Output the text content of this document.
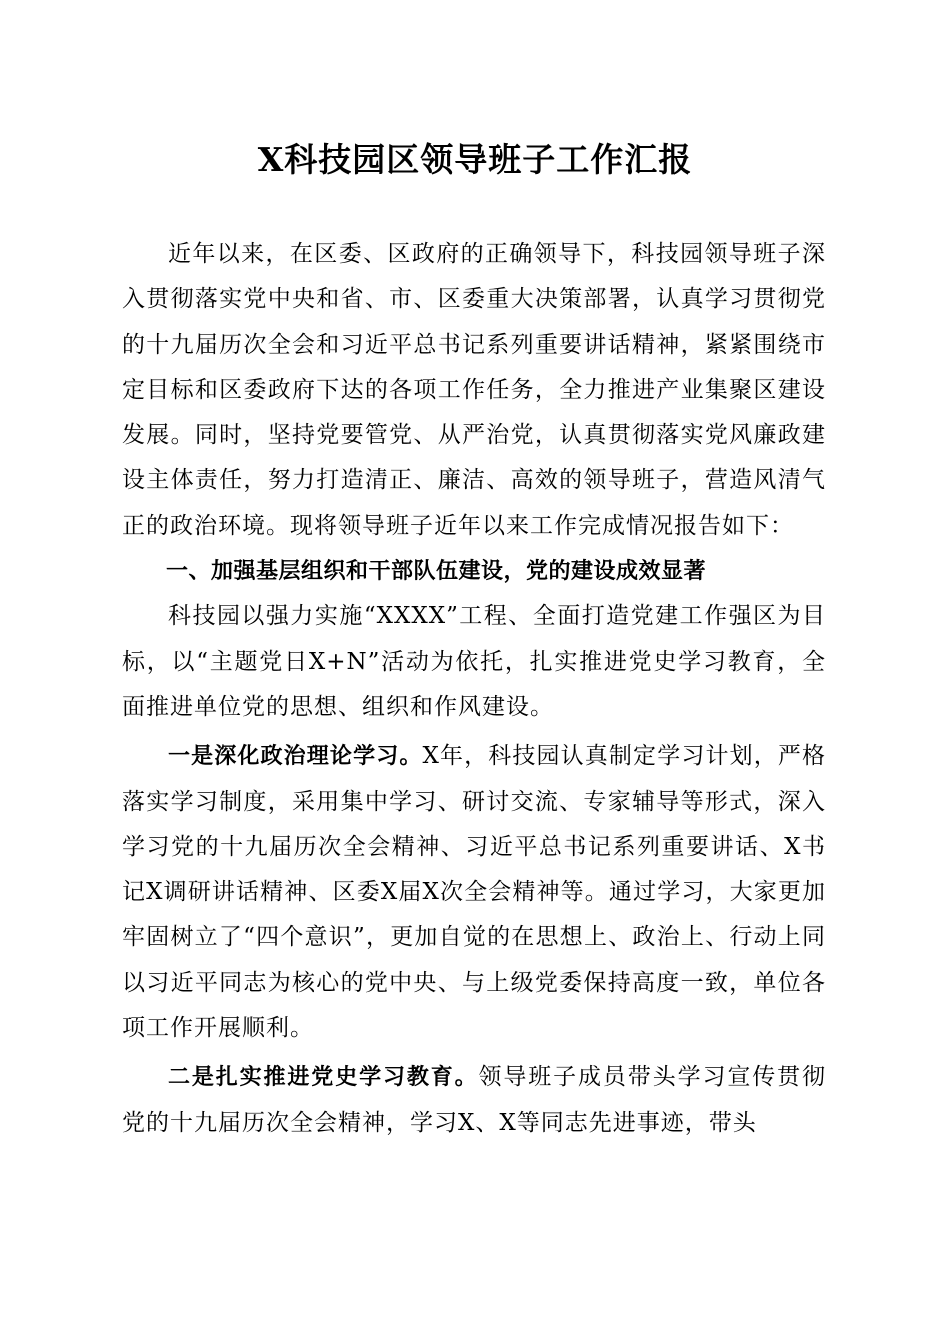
X科技园区领导班子工作汇报

近年以来，在区委、区政府的正确领导下，科技园领导班子深入贯彻落实党中央和省、市、区委重大决策部署，认真学习贯彻党的十九届历次全会和习近平总书记系列重要讲话精神，紧紧围绕市定目标和区委政府下达的各项工作任务，全力推进产业集聚区建设发展。同时，坚持党要管党、从严治党，认真贯彻落实党风廉政建设主体责任，努力打造清正、廉洁、高效的领导班子，营造风清气正的政治环境。现将领导班子近年以来工作完成情况报告如下：

一、加强基层组织和干部队伍建设，党的建设成效显著

科技园以强力实施“XXXX”工程、全面打造党建工作强区为目标，以“主题党日X+N”活动为依托，扎实推进党史学习教育，全面推进单位党的思想、组织和作风建设。

一是深化政治理论学习。X年，科技园认真制定学习计划，严格落实学习制度，采用集中学习、研讨交流、专家辅导等形式，深入学习党的十九届历次全会精神、习近平总书记系列重要讲话、X书记X调研讲话精神、区委X届X次全会精神等。通过学习，大家更加牢固树立了“四个意识”，更加自觉的在思想上、政治上、行动上同以习近平同志为核心的党中央、与上级党委保持高度一致，单位各项工作开展顺利。

二是扎实推进党史学习教育。领导班子成员带头学习宣传贯彻党的十九届历次全会精神，学习X、X等同志先进事迹，带头
